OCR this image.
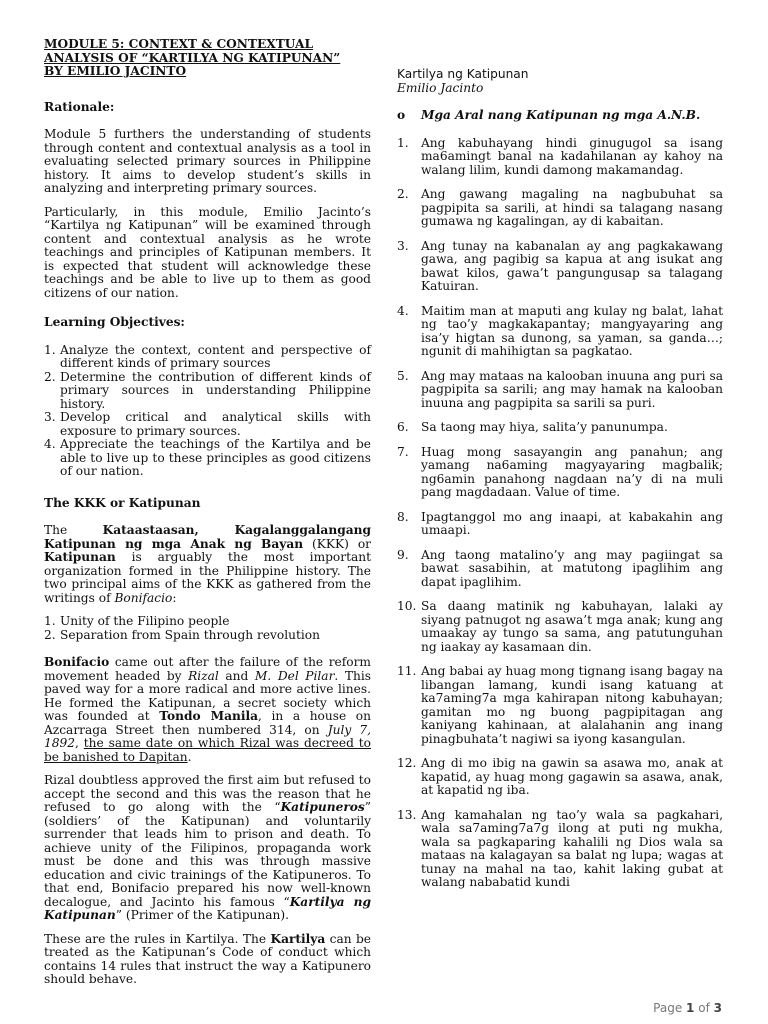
MODULE 5: CONTEXT & CONTEXTUAL
ANALYSIS OF “KARTILYA NG KATIPUNAN”
BY EMILIO JACINTO
Rationale:

Module 5 furthers the understanding of students through content and contextual analysis as a tool in evaluating selected primary sources in Philippine history. It aims to develop student’s skills in analyzing and interpreting primary sources.

Particularly, in this module, Emilio Jacinto’s “Kartilya ng Katipunan” will be examined through content and contextual analysis as he wrote teachings and principles of Katipunan members. It is expected that student will acknowledge these teachings and be able to live up to them as good citizens of our nation.

Learning Objectives:
1. Analyze the context, content and perspective of different kinds of primary sources
2. Determine the contribution of different kinds of primary sources in understanding Philippine history.
3. Develop critical and analytical skills with exposure to primary sources.
4. Appreciate the teachings of the Kartilya and be able to live up to these principles as good citizens of our nation.
The KKK or Katipunan

The Kataastaasan, Kagalanggalangang Katipunan ng mga Anak ng Bayan (KKK) or Katipunan is arguably the most important organization formed in the Philippine history. The two principal aims of the KKK as gathered from the writings of Bonifacio:

1. Unity of the Filipino people
2. Separation from Spain through revolution

Bonifacio came out after the failure of the reform movement headed by Rizal and M. Del Pilar. This paved way for a more radical and more active lines. He formed the Katipunan, a secret society which was founded at Tondo Manila, in a house on Azcarraga Street then numbered 314, on July 7, 1892, the same date on which Rizal was decreed to be banished to Dapitan.

Rizal doubtless approved the first aim but refused to accept the second and this was the reason that he refused to go along with the “Katipuneros” (soldiers’ of the Katipunan) and voluntarily surrender that leads him to prison and death. To achieve unity of the Filipinos, propaganda work must be done and this was through massive education and civic trainings of the Katipuneros. To that end, Bonifacio prepared his now well-known decalogue, and Jacinto his famous “Kartilya ng Katipunan” (Primer of the Katipunan).

These are the rules in Kartilya. The Kartilya can be treated as the Katipunan’s Code of conduct which contains 14 rules that instruct the way a Katipunero should behave.

Kartilya ng Katipunan
Emilio Jacinto
o Mga Aral nang Katipunan ng mga A.N.B.
1. Ang kabuhayang hindi ginugugol sa isang ma6amingt banal na kadahilanan ay kahoy na walang lilim, kundi damong makamandag.
2. Ang gawang magaling na nagbubuhat sa pagpipita sa sarili, at hindi sa talagang nasang gumawa ng kagalingan, ay di kabaitan.
3. Ang tunay na kabanalan ay ang pagkakawang gawa, ang pagibig sa kapua at ang isukat ang bawat kilos, gawa’t pangungusap sa talagang Katuiran.
4. Maitim man at maputi ang kulay ng balat, lahat ng tao’y magkakapantay; mangyayaring ang isa’y higtan sa dunong, sa yaman, sa ganda…; ngunit di mahihigtan sa pagkatao.
5. Ang may mataas na kalooban inuuna ang puri sa pagpipita sa sarili; ang may hamak na kalooban inuuna ang pagpipita sa sarili sa puri.
6. Sa taong may hiya, salita’y panunumpa.
7. Huag mong sasayangin ang panahun; ang yamang na6aming magyayaring magbalik; ng6amin panahong nagdaan na’y di na muli pang magdadaan. Value of time.
8. Ipagtanggol mo ang inaapi, at kabakahin ang umaapi.
9. Ang taong matalino’y ang may pagiingat sa bawat sasabihin, at matutong ipaglihim ang dapat ipaglihim.
10. Sa daang matinik ng kabuhayan, lalaki ay siyang patnugot ng asawa’t mga anak; kung ang umaakay ay tungo sa sama, ang patutunguhan ng iaakay ay kasamaan din.
11. Ang babai ay huag mong tignang isang bagay na libangan lamang, kundi isang katuang at ka7aming7a mga kahirapan nitong kabuhayan; gamitan mo ng buong pagpipitagan ang kaniyang kahinaan, at alalahanin ang inang pinagbuhata’t nagiwi sa iyong kasangulan.
12. Ang di mo ibig na gawin sa asawa mo, anak at kapatid, ay huag mong gagawin sa asawa, anak, at kapatid ng iba.
13. Ang kamahalan ng tao’y wala sa pagkahari, wala sa7aming7a7g ilong at puti ng mukha, wala sa pagkaparing kahalili ng Dios wala sa mataas na kalagayan sa balat ng lupa; wagas at tunay na mahal na tao, kahit laking gubat at walang nababatid kundi
Page 1 of 3
